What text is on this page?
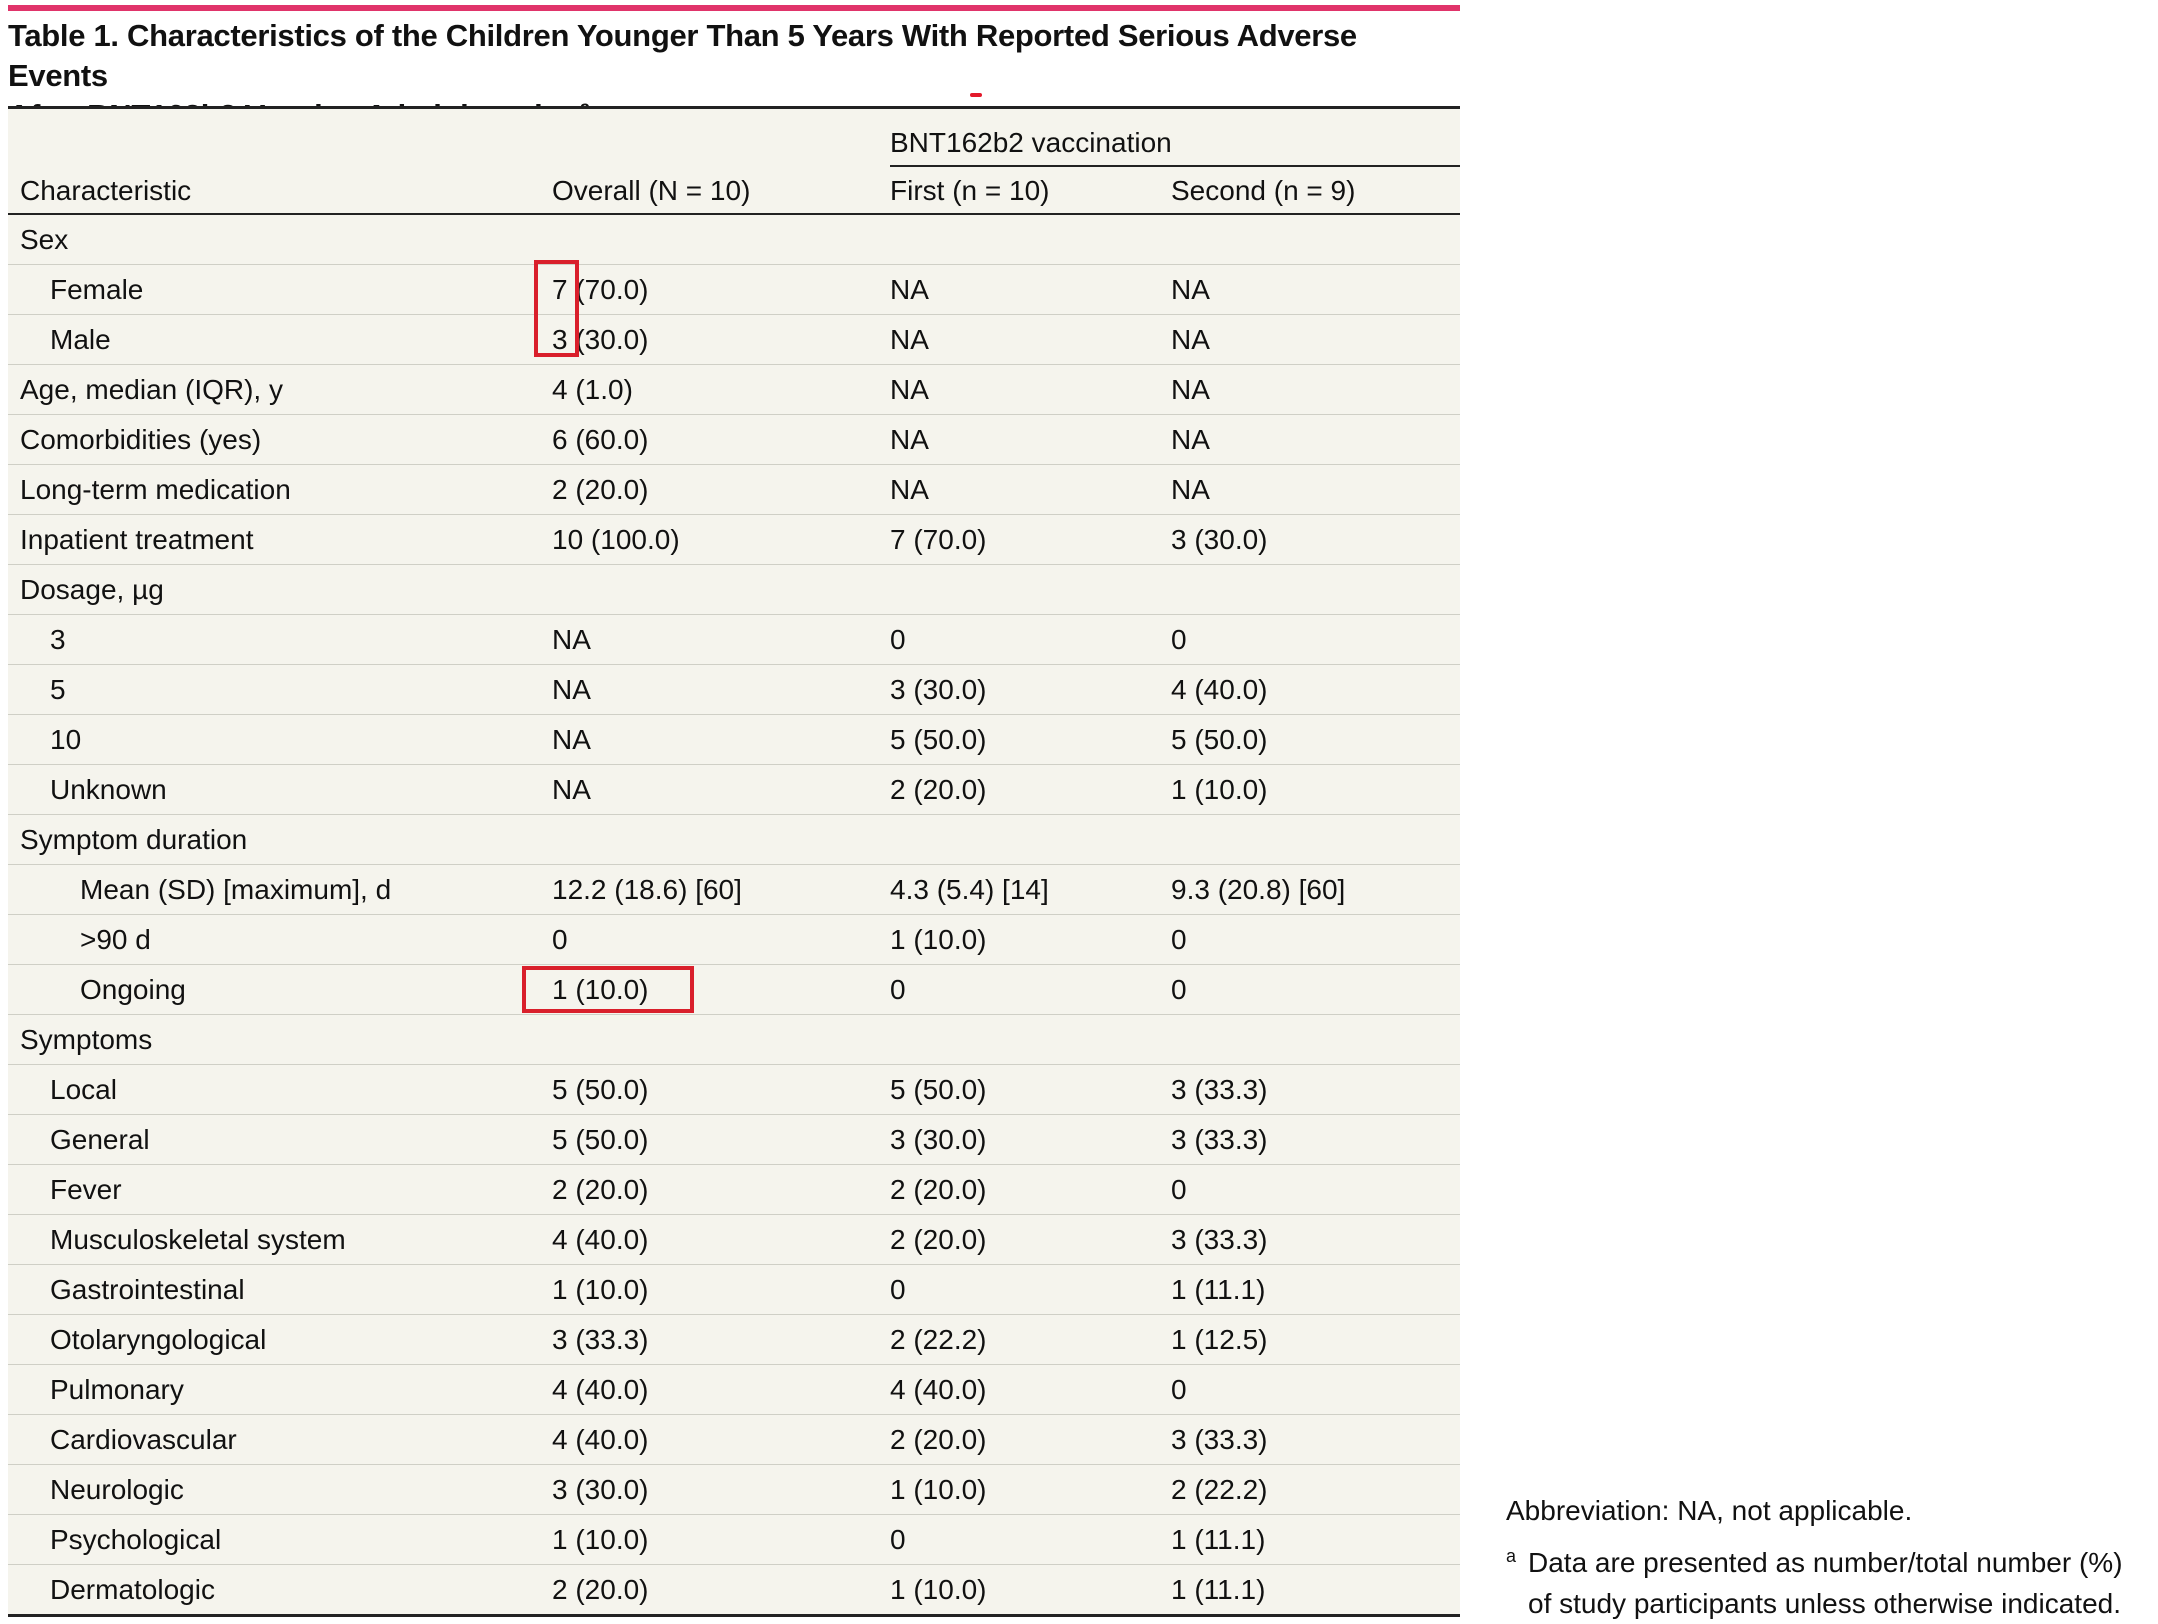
Table 1. Characteristics of the Children Younger Than 5 Years With Reported Serious Adverse Events

BNT162b2 vaccination
Characteristic	Overall (N = 10)	First (n = 10)	Second (n = 9)
Sex
Female	7 (70.0)	NA	NA
Male	3 (30.0)	NA	NA
Age, median (IQR), y	4 (1.0)	NA	NA
Comorbidities (yes)	6 (60.0)	NA	NA
Long-term medication	2 (20.0)	NA	NA
Inpatient treatment	10 (100.0)	7 (70.0)	3 (30.0)
Dosage, µg
3	NA	0	0
5	NA	3 (30.0)	4 (40.0)
10	NA	5 (50.0)	5 (50.0)
Unknown	NA	2 (20.0)	1 (10.0)
Symptom duration
Mean (SD) [maximum], d	12.2 (18.6) [60]	4.3 (5.4) [14]	9.3 (20.8) [60]
>90 d	0	1 (10.0)	0
Ongoing	1 (10.0)	0	0
Symptoms
Local	5 (50.0)	5 (50.0)	3 (33.3)
General	5 (50.0)	3 (30.0)	3 (33.3)
Fever	2 (20.0)	2 (20.0)	0
Musculoskeletal system	4 (40.0)	2 (20.0)	3 (33.3)
Gastrointestinal	1 (10.0)	0	1 (11.1)
Otolaryngological	3 (33.3)	2 (22.2)	1 (12.5)
Pulmonary	4 (40.0)	4 (40.0)	0
Cardiovascular	4 (40.0)	2 (20.0)	3 (33.3)
Neurologic	3 (30.0)	1 (10.0)	2 (22.2)
Psychological	1 (10.0)	0	1 (11.1)
Dermatologic	2 (20.0)	1 (10.0)	1 (11.1)
Abbreviation: NA, not applicable.
a Data are presented as number/total number (%) of study participants unless otherwise indicated.
